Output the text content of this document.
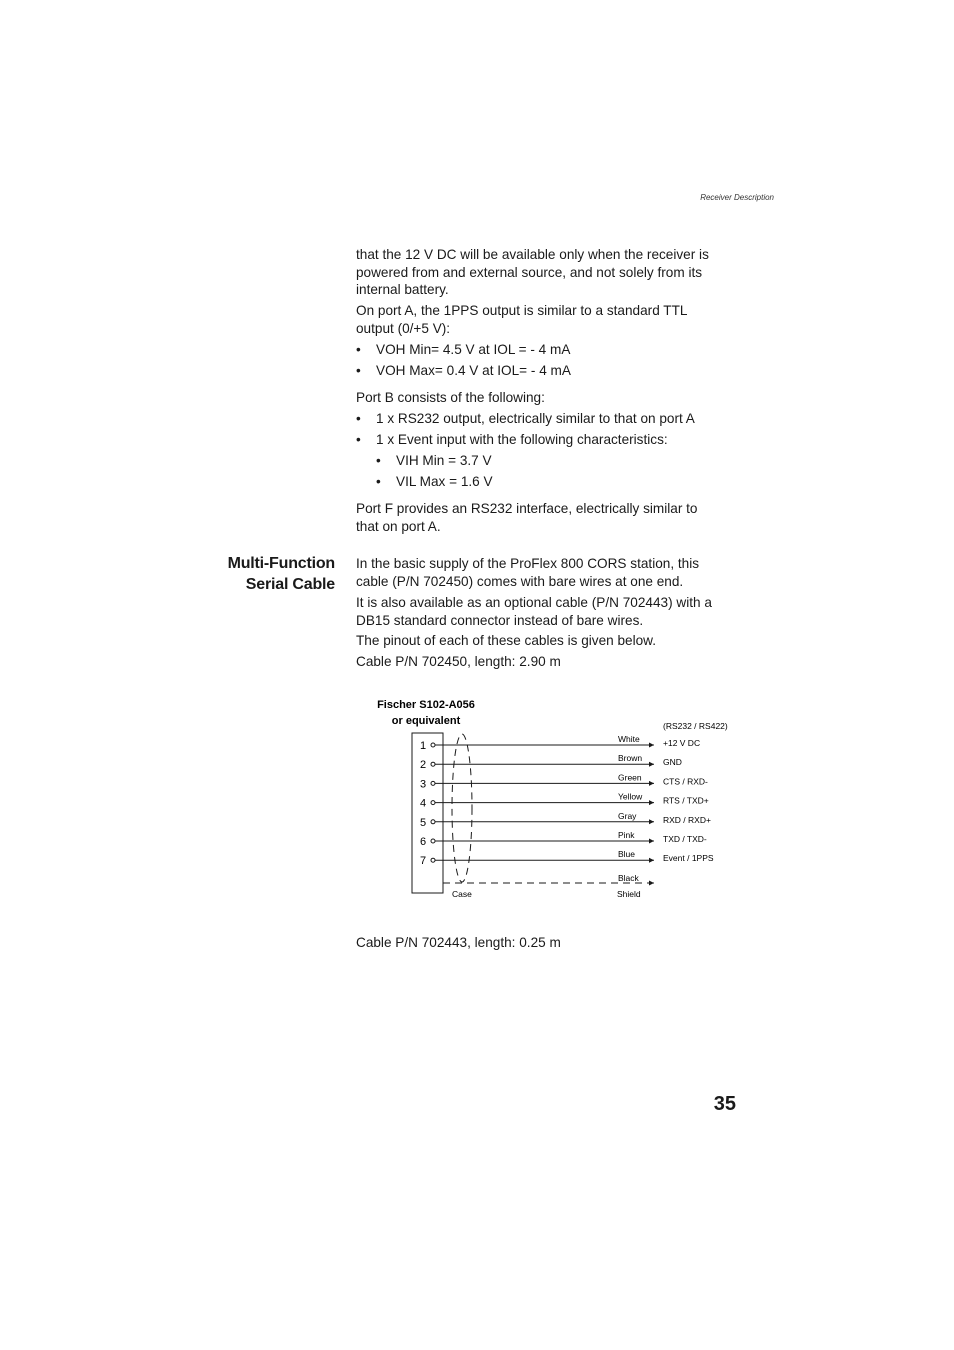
Receiver Description

that the 12 V DC will be available only when the receiver is

powered from and external source, and not solely from its

internal battery.

On port A, the 1PPS output is similar to a standard TTL

output (0/+5 V):

• VOH Min= 4.5 V at IOL = - 4 mA
• VOH Max= 0.4 V at IOL= - 4 mA

Port B consists of the following:

• 1 x RS232 output, electrically similar to that on port A
• 1 x Event input with the following characteristics:
• VIH Min = 3.7 V
• VIL Max = 1.6 V

Port F provides an RS232 interface, electrically similar to

that on port A.

Multi-Function
Serial Cable

In the basic supply of the ProFlex 800 CORS station, this

cable (P/N 702450) comes with bare wires at one end.

It is also available as an optional cable (P/N 702443) with a

DB15 standard connector instead of bare wires.

The pinout of each of these cables is given below.

Cable P/N 702450, length: 2.90 m

Fischer S102-A056
or equivalent	(RS232 / RS422)
1
White	+12 V DC
2
Brown GND
3
Green	CTS / RXD-
4
Yellow RTS / TXD+
5
Gray	RXD / RXD+
6
Pink	TXD / TXD-
7
Blue	Event / 1PPS
Black
Case	Shield

Cable P/N 702443, length: 0.25 m

35
